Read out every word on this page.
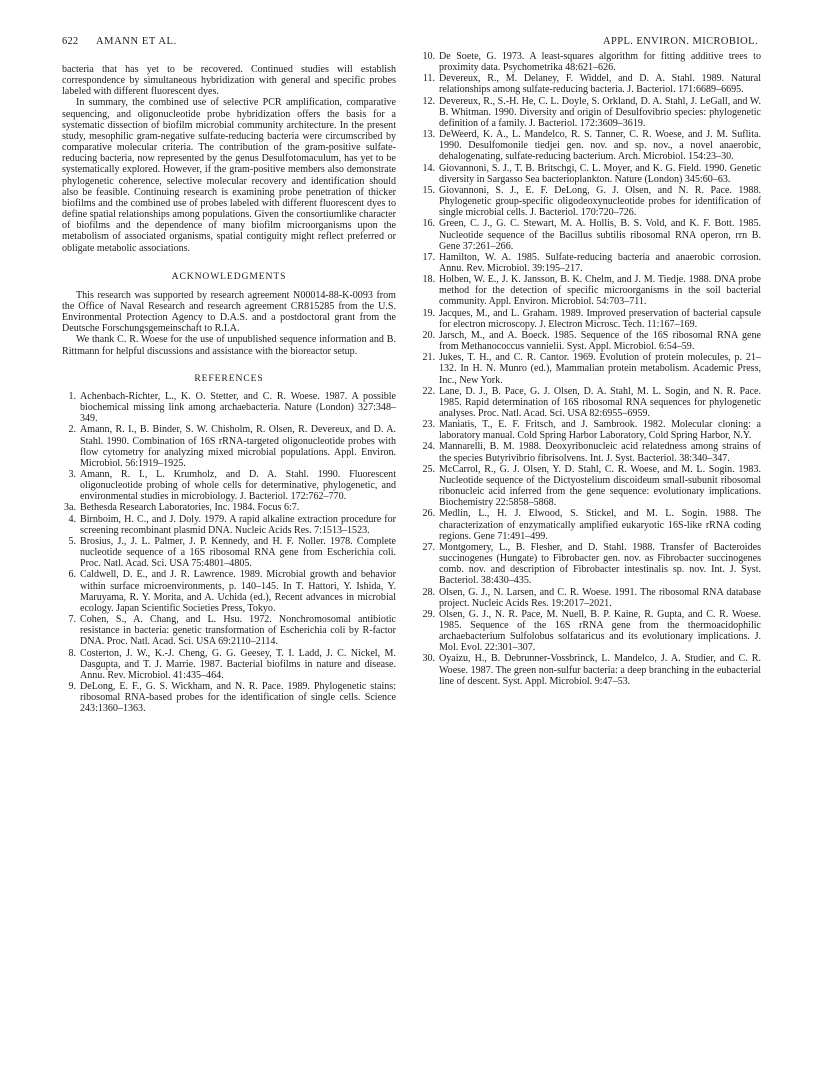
622 AMANN ET AL.	APPL. ENVIRON. MICROBIOL.

bacteria that has yet to be recovered. Continued studies will establish correspondence by simultaneous hybridization with general and specific probes labeled with different fluorescent dyes.

In summary, the combined use of selective PCR amplification, comparative sequencing, and oligonucleotide probe hybridization offers the basis for a systematic dissection of biofilm microbial community architecture. In the present study, mesophilic gram-negative sulfate-reducing bacteria were circumscribed by comparative molecular criteria. The contribution of the gram-positive sulfate-reducing bacteria, now represented by the genus Desulfotomaculum, has yet to be systematically explored. However, if the gram-positive members also demonstrate phylogenetic coherence, selective molecular recovery and identification should also be feasible. Continuing research is examining probe penetration of thicker biofilms and the combined use of probes labeled with different fluorescent dyes to define spatial relationships among populations. Given the consortiumlike character of biofilms and the dependence of many biofilm microorganisms upon the metabolism of associated organisms, spatial contiguity might reflect preferred or obligate metabolic associations.

ACKNOWLEDGMENTS

This research was supported by research agreement N00014-88-K-0093 from the Office of Naval Research and research agreement CR815285 from the U.S. Environmental Protection Agency to D.A.S. and a postdoctoral grant from the Deutsche Forschungsgemeinschaft to R.I.A.

We thank C. R. Woese for the use of unpublished sequence information and B. Rittmann for helpful discussions and assistance with the bioreactor setup.

REFERENCES

1. Achenbach-Richter, L., K. O. Stetter, and C. R. Woese. 1987. A possible biochemical missing link among archaebacteria. Nature (London) 327:348–349.
2. Amann, R. I., B. Binder, S. W. Chisholm, R. Olsen, R. Devereux, and D. A. Stahl. 1990. Combination of 16S rRNA-targeted oligonucleotide probes with flow cytometry for analyzing mixed microbial populations. Appl. Environ. Microbiol. 56:1919–1925.
3. Amann, R. I., L. Krumholz, and D. A. Stahl. 1990. Fluorescent oligonucleotide probing of whole cells for determinative, phylogenetic, and environmental studies in microbiology. J. Bacteriol. 172:762–770.
3a. Bethesda Research Laboratories, Inc. 1984. Focus 6:7.
4. Birnboim, H. C., and J. Doly. 1979. A rapid alkaline extraction procedure for screening recombinant plasmid DNA. Nucleic Acids Res. 7:1513–1523.
5. Brosius, J., J. L. Palmer, J. P. Kennedy, and H. F. Noller. 1978. Complete nucleotide sequence of a 16S ribosomal RNA gene from Escherichia coli. Proc. Natl. Acad. Sci. USA 75:4801–4805.
6. Caldwell, D. E., and J. R. Lawrence. 1989. Microbial growth and behavior within surface microenvironments, p. 140–145. In T. Hattori, Y. Ishida, Y. Maruyama, R. Y. Morita, and A. Uchida (ed.), Recent advances in microbial ecology. Japan Scientific Societies Press, Tokyo.
7. Cohen, S., A. Chang, and L. Hsu. 1972. Nonchromosomal antibiotic resistance in bacteria: genetic transformation of Escherichia coli by R-factor DNA. Proc. Natl. Acad. Sci. USA 69:2110–2114.
8. Costerton, J. W., K.-J. Cheng, G. G. Geesey, T. I. Ladd, J. C. Nickel, M. Dasgupta, and T. J. Marrie. 1987. Bacterial biofilms in nature and disease. Annu. Rev. Microbiol. 41:435–464.
9. DeLong, E. F., G. S. Wickham, and N. R. Pace. 1989. Phylogenetic stains: ribosomal RNA-based probes for the identification of single cells. Science 243:1360–1363.
10. De Soete, G. 1973. A least-squares algorithm for fitting additive trees to proximity data. Psychometrika 48:621–626.
11. Devereux, R., M. Delaney, F. Widdel, and D. A. Stahl. 1989. Natural relationships among sulfate-reducing bacteria. J. Bacteriol. 171:6689–6695.
12. Devereux, R., S.-H. He, C. L. Doyle, S. Orkland, D. A. Stahl, J. LeGall, and W. B. Whitman. 1990. Diversity and origin of Desulfovibrio species: phylogenetic definition of a family. J. Bacteriol. 172:3609–3619.
13. DeWeerd, K. A., L. Mandelco, R. S. Tanner, C. R. Woese, and J. M. Suflita. 1990. Desulfomonile tiedjei gen. nov. and sp. nov., a novel anaerobic, dehalogenating, sulfate-reducing bacterium. Arch. Microbiol. 154:23–30.
14. Giovannoni, S. J., T. B. Britschgi, C. L. Moyer, and K. G. Field. 1990. Genetic diversity in Sargasso Sea bacterioplankton. Nature (London) 345:60–63.
15. Giovannoni, S. J., E. F. DeLong, G. J. Olsen, and N. R. Pace. 1988. Phylogenetic group-specific oligodeoxynucleotide probes for identification of single microbial cells. J. Bacteriol. 170:720–726.
16. Green, C. J., G. C. Stewart, M. A. Hollis, B. S. Vold, and K. F. Bott. 1985. Nucleotide sequence of the Bacillus subtilis ribosomal RNA operon, rrn B. Gene 37:261–266.
17. Hamilton, W. A. 1985. Sulfate-reducing bacteria and anaerobic corrosion. Annu. Rev. Microbiol. 39:195–217.
18. Holben, W. E., J. K. Jansson, B. K. Chelm, and J. M. Tiedje. 1988. DNA probe method for the detection of specific microorganisms in the soil bacterial community. Appl. Environ. Microbiol. 54:703–711.
19. Jacques, M., and L. Graham. 1989. Improved preservation of bacterial capsule for electron microscopy. J. Electron Microsc. Tech. 11:167–169.
20. Jarsch, M., and A. Boeck. 1985. Sequence of the 16S ribosomal RNA gene from Methanococcus vannielii. Syst. Appl. Microbiol. 6:54–59.
21. Jukes, T. H., and C. R. Cantor. 1969. Evolution of protein molecules, p. 21–132. In H. N. Munro (ed.), Mammalian protein metabolism. Academic Press, Inc., New York.
22. Lane, D. J., B. Pace, G. J. Olsen, D. A. Stahl, M. L. Sogin, and N. R. Pace. 1985. Rapid determination of 16S ribosomal RNA sequences for phylogenetic analyses. Proc. Natl. Acad. Sci. USA 82:6955–6959.
23. Maniatis, T., E. F. Fritsch, and J. Sambrook. 1982. Molecular cloning: a laboratory manual. Cold Spring Harbor Laboratory, Cold Spring Harbor, N.Y.
24. Mannarelli, B. M. 1988. Deoxyribonucleic acid relatedness among strains of the species Butyrivibrio fibrisolvens. Int. J. Syst. Bacteriol. 38:340–347.
25. McCarrol, R., G. J. Olsen, Y. D. Stahl, C. R. Woese, and M. L. Sogin. 1983. Nucleotide sequence of the Dictyostelium discoideum small-subunit ribosomal ribonucleic acid inferred from the gene sequence: evolutionary implications. Biochemistry 22:5858–5868.
26. Medlin, L., H. J. Elwood, S. Stickel, and M. L. Sogin. 1988. The characterization of enzymatically amplified eukaryotic 16S-like rRNA coding regions. Gene 71:491–499.
27. Montgomery, L., B. Flesher, and D. Stahl. 1988. Transfer of Bacteroides succinogenes (Hungate) to Fibrobacter gen. nov. as Fibrobacter succinogenes comb. nov. and description of Fibrobacter intestinalis sp. nov. Int. J. Syst. Bacteriol. 38:430–435.
28. Olsen, G. J., N. Larsen, and C. R. Woese. 1991. The ribosomal RNA database project. Nucleic Acids Res. 19:2017–2021.
29. Olsen, G. J., N. R. Pace, M. Nuell, B. P. Kaine, R. Gupta, and C. R. Woese. 1985. Sequence of the 16S rRNA gene from the thermoacidophilic archaebacterium Sulfolobus solfataricus and its evolutionary implications. J. Mol. Evol. 22:301–307.
30. Oyaizu, H., B. Debrunner-Vossbrinck, L. Mandelco, J. A. Studier, and C. R. Woese. 1987. The green non-sulfur bacteria: a deep branching in the eubacterial line of descent. Syst. Appl. Microbiol. 9:47–53.
